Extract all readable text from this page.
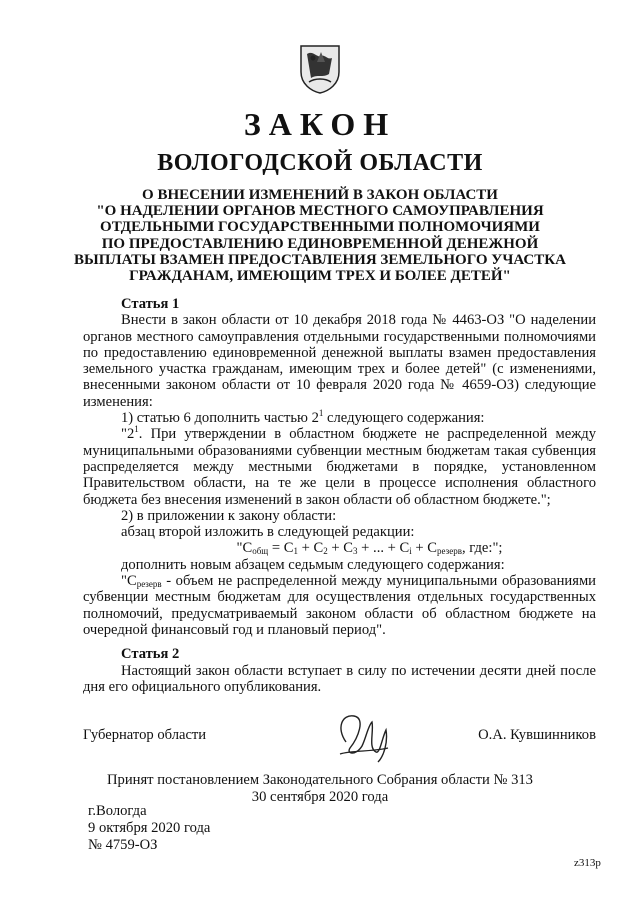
ЗАКОН
ВОЛОГОДСКОЙ ОБЛАСТИ
О ВНЕСЕНИИ ИЗМЕНЕНИЙ В ЗАКОН ОБЛАСТИ
"О НАДЕЛЕНИИ ОРГАНОВ МЕСТНОГО САМОУПРАВЛЕНИЯ
ОТДЕЛЬНЫМИ ГОСУДАРСТВЕННЫМИ ПОЛНОМОЧИЯМИ
ПО ПРЕДОСТАВЛЕНИЮ ЕДИНОВРЕМЕННОЙ ДЕНЕЖНОЙ
ВЫПЛАТЫ ВЗАМЕН ПРЕДОСТАВЛЕНИЯ ЗЕМЕЛЬНОГО УЧАСТКА
ГРАЖДАНАМ, ИМЕЮЩИМ ТРЕХ И БОЛЕЕ ДЕТЕЙ"
Статья 1

Внести в закон области от 10 декабря 2018 года № 4463-ОЗ "О наделении органов местного самоуправления отдельными государственными полномочиями по предоставлению единовременной денежной выплаты взамен предоставления земельного участка гражданам, имеющим трех и более детей" (с изменениями, внесенными законом области от 10 февраля 2020 года № 4659-ОЗ) следующие изменения:

1) статью 6 дополнить частью $2^1$ следующего содержания:

"$2^1$. При утверждении в областном бюджете не распределенной между муниципальными образованиями субвенции местным бюджетам такая субвенция распределяется между местными бюджетами в порядке, установленном Правительством области, на те же цели в процессе исполнения областного бюджета без внесения изменений в закон области об областном бюджете.";

2) в приложении к закону области:

абзац второй изложить в следующей редакции:

"$С_{общ} = С_1 + С_2 + С_3$ + ... + $С_i + С_{резерв}$, где:";

дополнить новым абзацем седьмым следующего содержания:

"$С_{резерв}$ - объем не распределенной между муниципальными образованиями субвенции местным бюджетам для осуществления отдельных государственных полномочий, предусматриваемый законом области об областном бюджете на очередной финансовый год и плановый период".

Статья 2

Настоящий закон области вступает в силу по истечении десяти дней после дня его официального опубликования.

Губернатор области	О.А. Кувшинников
Принят постановлением Законодательного Собрания области № 313
30 сентября 2020 года
г.Вологда
9 октября 2020 года
№ 4759-ОЗ
z313p
